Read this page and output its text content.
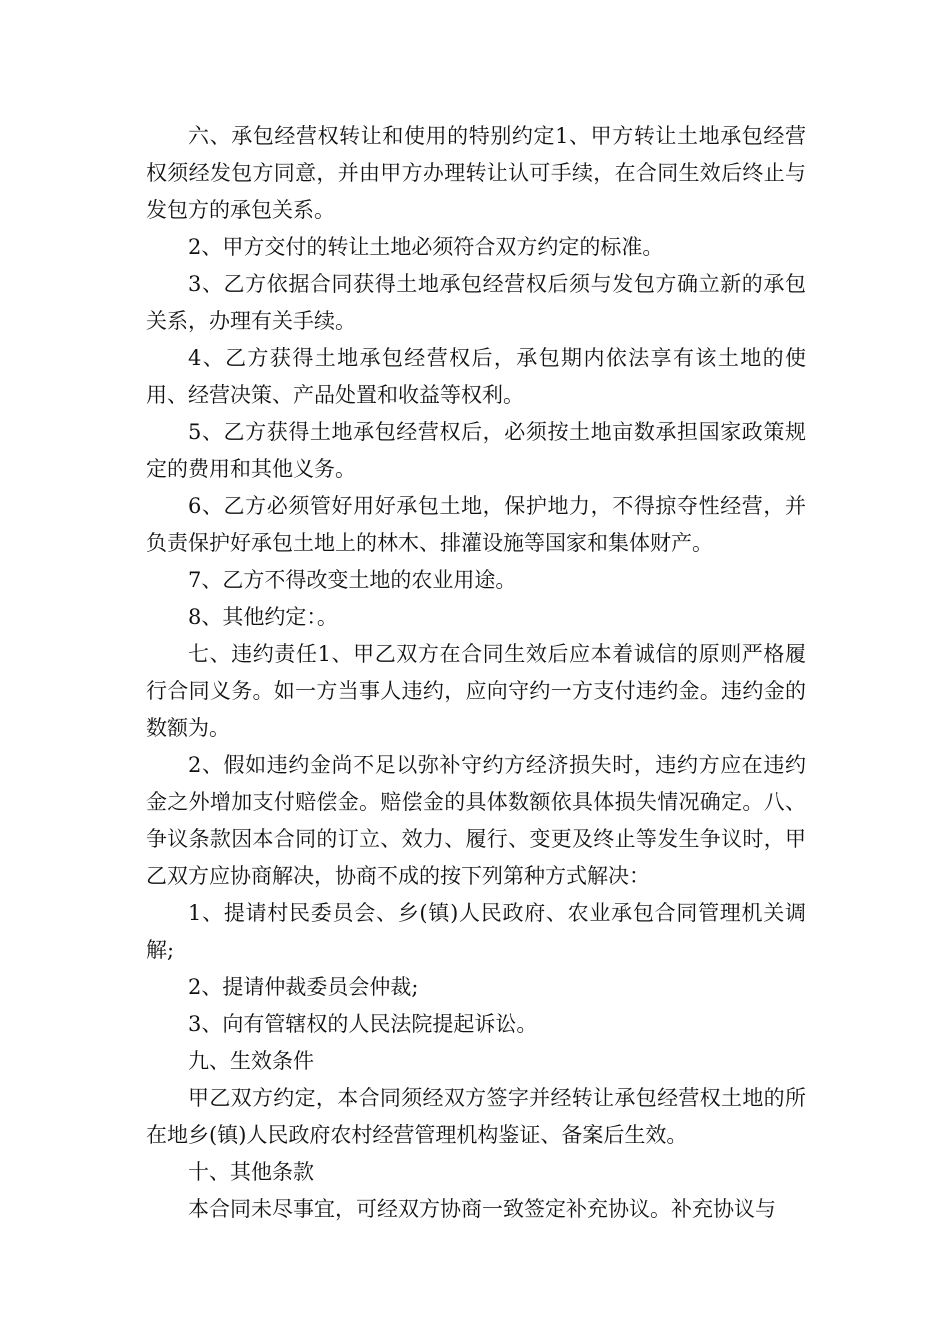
六、承包经营权转让和使用的特别约定1、甲方转让土地承包经营权须经发包方同意，并由甲方办理转让认可手续，在合同生效后终止与发包方的承包关系。

2、甲方交付的转让土地必须符合双方约定的标准。

3、乙方依据合同获得土地承包经营权后须与发包方确立新的承包关系，办理有关手续。

4、乙方获得土地承包经营权后，承包期内依法享有该土地的使用、经营决策、产品处置和收益等权利。

5、乙方获得土地承包经营权后，必须按土地亩数承担国家政策规定的费用和其他义务。

6、乙方必须管好用好承包土地，保护地力，不得掠夺性经营，并负责保护好承包土地上的林木、排灌设施等国家和集体财产。

7、乙方不得改变土地的农业用途。

8、其他约定：。

七、违约责任1、甲乙双方在合同生效后应本着诚信的原则严格履行合同义务。如一方当事人违约，应向守约一方支付违约金。违约金的数额为。

2、假如违约金尚不足以弥补守约方经济损失时，违约方应在违约金之外增加支付赔偿金。赔偿金的具体数额依具体损失情况确定。八、争议条款因本合同的订立、效力、履行、变更及终止等发生争议时，甲乙双方应协商解决，协商不成的按下列第种方式解决：

1、提请村民委员会、乡(镇)人民政府、农业承包合同管理机关调解;

2、提请仲裁委员会仲裁;

3、向有管辖权的人民法院提起诉讼。

九、生效条件

甲乙双方约定，本合同须经双方签字并经转让承包经营权土地的所在地乡(镇)人民政府农村经营管理机构鉴证、备案后生效。

十、其他条款

本合同未尽事宜，可经双方协商一致签定补充协议。补充协议与
